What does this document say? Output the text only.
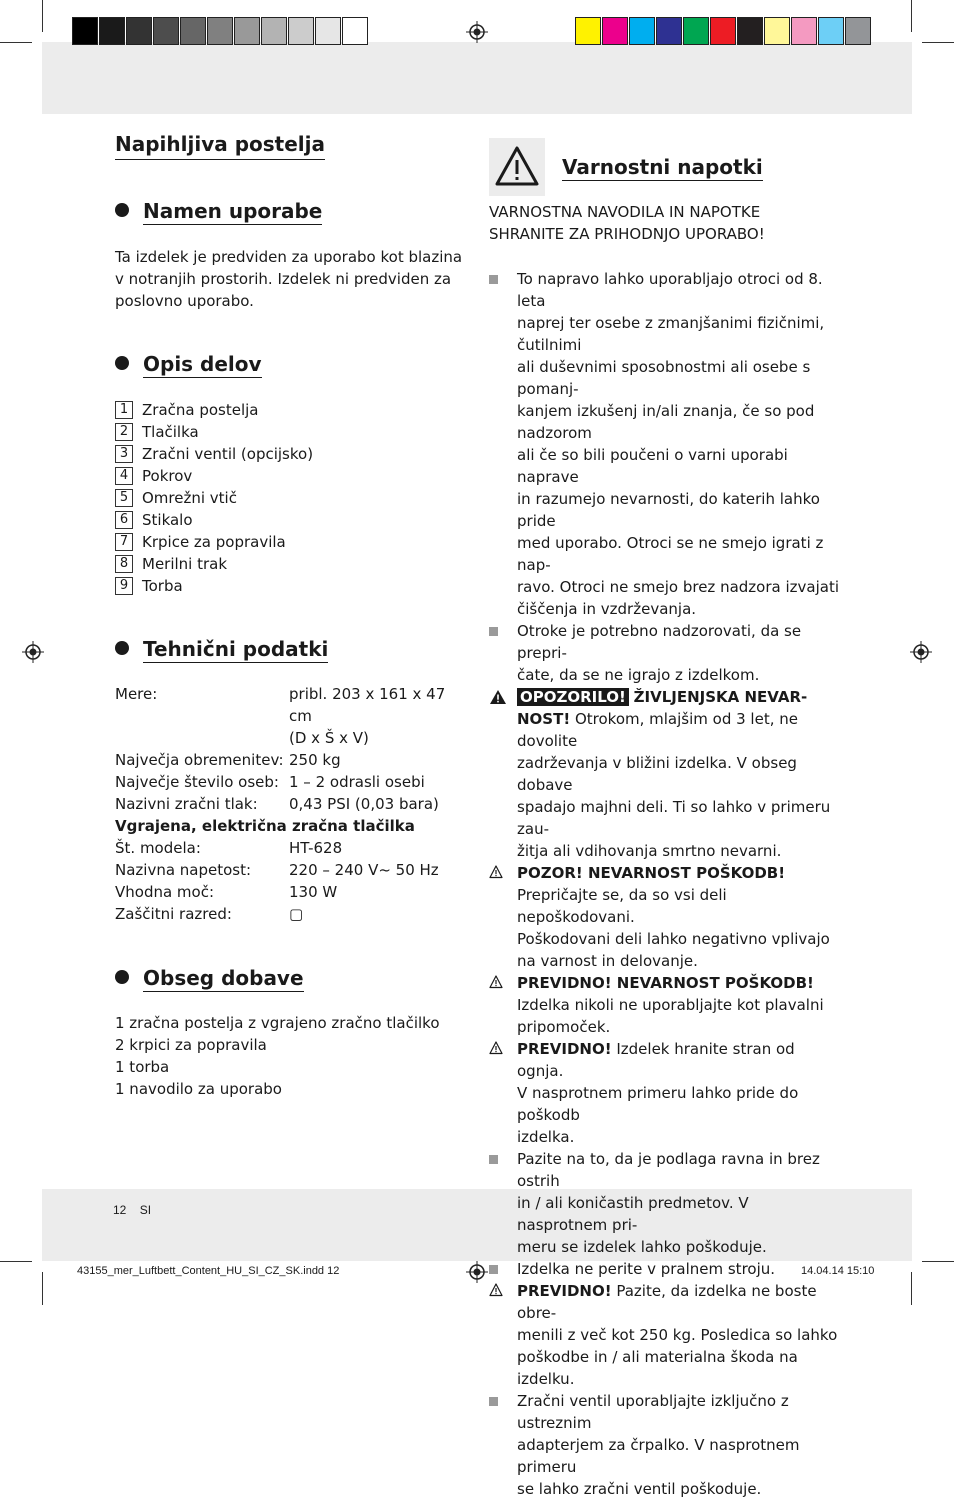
Napihljiva postelja
Namen uporabe
Ta izdelek je predviden za uporabo kot blazina
v notranjih prostorih. Izdelek ni predviden za
poslovno uporabo.
Opis delov
1 Zračna postelja
2 Tlačilka
3 Zračni ventil (opcijsko)
4 Pokrov
5 Omrežni vtič
6 Stikalo
7 Krpice za popravila
8 Merilni trak
9 Torba
Tehnični podatki
Mere:	pribl. 203 x 161 x 47 cm
(D x Š x V)
Največja obremenitev: 250 kg
Največje število oseb: 1 – 2 odrasli osebi
Nazivni zračni tlak:	0,43 PSI (0,03 bara)
Vgrajena, električna zračna tlačilka
Št. modela:	HT-628
Nazivna napetost:	220 – 240 V~ 50 Hz
Vhodna moč:	130 W
Zaščitni razred:	▢
Obseg dobave
1 zračna postelja z vgrajeno zračno tlačilko
2 krpici za popravila
1 torba
1 navodilo za uporabo
Varnostni napotki
VARNOSTNA NAVODILA IN NAPOTKE
SHRANITE ZA PRIHODNJO UPORABO!
To napravo lahko uporabljajo otroci od 8. leta
naprej ter osebe z zmanjšanimi fizičnimi, čutilnimi
ali duševnimi sposobnostmi ali osebe s pomanj-
kanjem izkušenj in/ali znanja, če so pod nadzorom
ali če so bili poučeni o varni uporabi naprave
in razumejo nevarnosti, do katerih lahko pride
med uporabo. Otroci se ne smejo igrati z nap-
ravo. Otroci ne smejo brez nadzora izvajati
čiščenja in vzdrževanja.
Otroke je potrebno nadzorovati, da se prepri-
čate, da se ne igrajo z izdelkom.
OPOZORILO! ŽIVLJENJSKA NEVAR-
NOST! Otrokom, mlajšim od 3 let, ne dovolite
zadrževanja v bližini izdelka. V obseg dobave
spadajo majhni deli. Ti so lahko v primeru zau-
žitja ali vdihovanja smrtno nevarni.
POZOR! NEVARNOST POŠKODB!
Prepričajte se, da so vsi deli nepoškodovani.
Poškodovani deli lahko negativno vplivajo
na varnost in delovanje.
PREVIDNO! NEVARNOST POŠKODB!
Izdelka nikoli ne uporabljajte kot plavalni
pripomoček.
PREVIDNO! Izdelek hranite stran od ognja.
V nasprotnem primeru lahko pride do poškodb
izdelka.
Pazite na to, da je podlaga ravna in brez ostrih
in / ali koničastih predmetov. V nasprotnem pri-
meru se izdelek lahko poškoduje.
Izdelka ne perite v pralnem stroju.
PREVIDNO! Pazite, da izdelka ne boste obre-
menili z več kot 250 kg. Posledica so lahko
poškodbe in / ali materialna škoda na izdelku.
Zračni ventil uporabljajte izključno z ustreznim
adapterjem za črpalko. V nasprotnem primeru
se lahko zračni ventil poškoduje.
12 SI
43155_mer_Luftbett_Content_HU_SI_CZ_SK.indd 12	14.04.14 15:10
